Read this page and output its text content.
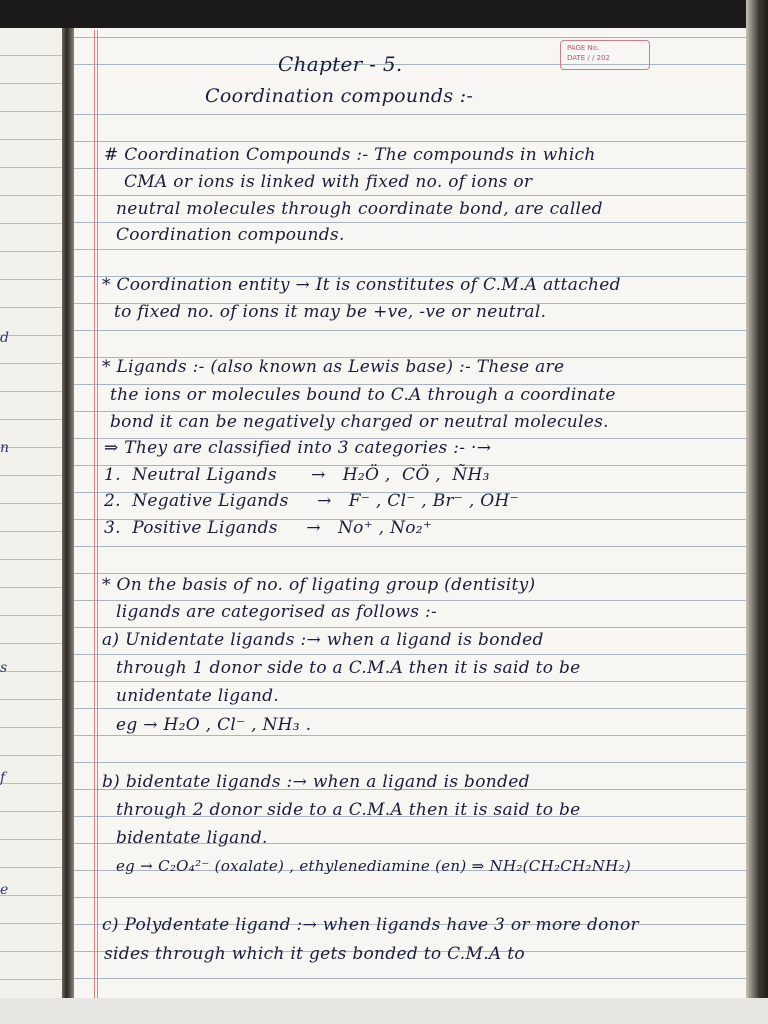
d
n
s
f
e
PAGE No.
DATE / / 202
Chapter - 5.
Coordination compounds :-
# Coordination Compounds :- The compounds in which
CMA or ions is linked with fixed no. of ions or
neutral molecules through coordinate bond, are called
Coordination compounds.
* Coordination entity → It is constitutes of C.M.A attached
to fixed no. of ions it may be +ve, -ve or neutral.
* Ligands :- (also known as Lewis base) :- These are
the ions or molecules bound to C.A through a coordinate
bond it can be negatively charged or neutral molecules.
⇒ They are classified into 3 categories :- ·→
1.  Neutral Ligands      →   H₂Ö ,  CÖ ,  ÑH₃
2.  Negative Ligands     →   F⁻ , Cl⁻ , Br⁻ , OH⁻
3.  Positive Ligands     →   No⁺ , No₂⁺
* On the basis of no. of ligating group (dentisity)
ligands are categorised as follows :-
a) Unidentate ligands :→ when a ligand is bonded
through 1 donor side to a C.M.A then it is said to be
unidentate ligand.
eg → H₂O , Cl⁻ , NH₃ .
b) bidentate ligands :→ when a ligand is bonded
through 2 donor side to a C.M.A then it is said to be
bidentate ligand.
eg → C₂O₄²⁻ (oxalate) , ethylenediamine (en) ⇒ NH₂(CH₂CH₂NH₂)
c) Polydentate ligand :→ when ligands have 3 or more donor
sides through which it gets bonded to C.M.A to
